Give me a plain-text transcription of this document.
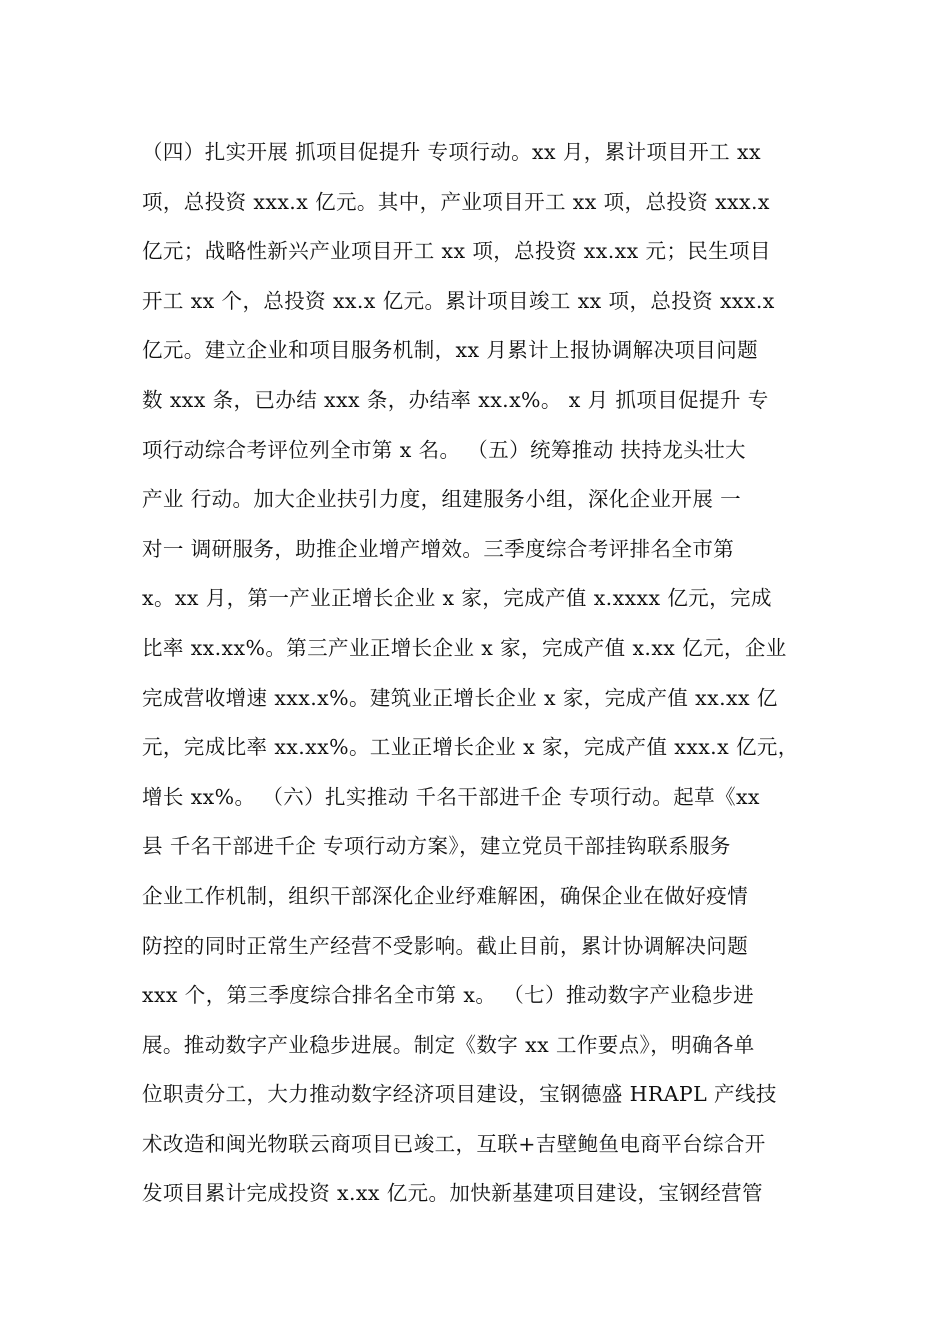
（四）扎实开展 抓项目促提升 专项行动。xx 月，累计项目开工 xx
项，总投资 xxx.x 亿元。其中，产业项目开工 xx 项，总投资 xxx.x
亿元；战略性新兴产业项目开工 xx 项，总投资 xx.xx 元；民生项目
开工 xx 个，总投资 xx.x 亿元。累计项目竣工 xx 项，总投资 xxx.x
亿元。建立企业和项目服务机制，xx 月累计上报协调解决项目问题
数 xxx 条，已办结 xxx 条，办结率 xx.x%。 x 月 抓项目促提升 专
项行动综合考评位列全市第 x 名。 （五）统筹推动 扶持龙头壮大
产业 行动。加大企业扶引力度，组建服务小组，深化企业开展 一
对一 调研服务，助推企业增产增效。三季度综合考评排名全市第
x。xx 月，第一产业正增长企业 x 家，完成产值 x.xxxx 亿元，完成
比率 xx.xx%。第三产业正增长企业 x 家，完成产值 x.xx 亿元，企业
完成营收增速 xxx.x%。建筑业正增长企业 x 家，完成产值 xx.xx 亿
元，完成比率 xx.xx%。工业正增长企业 x 家，完成产值 xxx.x 亿元，
增长 xx%。 （六）扎实推动 千名干部进千企 专项行动。起草《xx
县 千名干部进千企 专项行动方案》，建立党员干部挂钩联系服务
企业工作机制，组织干部深化企业纾难解困，确保企业在做好疫情
防控的同时正常生产经营不受影响。截止目前，累计协调解决问题
xxx 个，第三季度综合排名全市第 x。 （七）推动数字产业稳步进
展。推动数字产业稳步进展。制定《数字 xx 工作要点》，明确各单
位职责分工，大力推动数字经济项目建设，宝钢德盛 HRAPL 产线技
术改造和闽光物联云商项目已竣工，互联+吉壁鲍鱼电商平台综合开
发项目累计完成投资 x.xx 亿元。加快新基建项目建设，宝钢经营管
